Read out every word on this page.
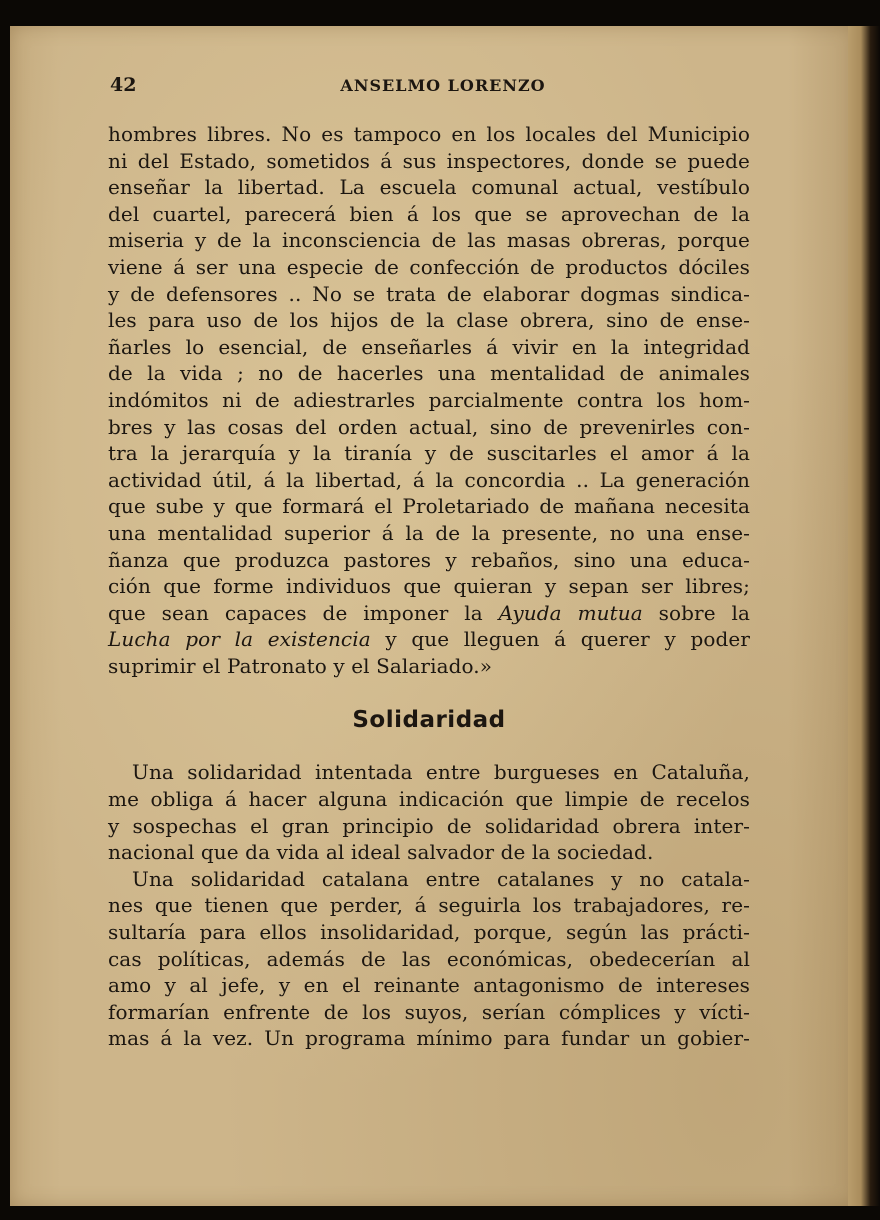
42	ANSELMO LORENZO
hombres libres. No es tampoco en los locales del Municipio
ni del Estado, sometidos á sus inspectores, donde se puede
enseñar la libertad. La escuela comunal actual, vestíbulo
del cuartel, parecerá bien á los que se aprovechan de la
miseria y de la inconsciencia de las masas obreras, porque
viene á ser una especie de confección de productos dóciles
y de defensores .. No se trata de elaborar dogmas sindica-
les para uso de los hijos de la clase obrera, sino de ense-
ñarles lo esencial, de enseñarles á vivir en la integridad
de la vida ; no de hacerles una mentalidad de animales
indómitos ni de adiestrarles parcialmente contra los hom-
bres y las cosas del orden actual, sino de prevenirles con-
tra la jerarquía y la tiranía y de suscitarles el amor á la
actividad útil, á la libertad, á la concordia .. La generación
que sube y que formará el Proletariado de mañana necesita
una mentalidad superior á la de la presente, no una ense-
ñanza que produzca pastores y rebaños, sino una educa-
ción que forme individuos que quieran y sepan ser libres;
que sean capaces de imponer la Ayuda mutua sobre la
Lucha por la existencia y que lleguen á querer y poder
suprimir el Patronato y el Salariado.»
Solidaridad
Una solidaridad intentada entre burgueses en Cataluña,
me obliga á hacer alguna indicación que limpie de recelos
y sospechas el gran principio de solidaridad obrera inter-
nacional que da vida al ideal salvador de la sociedad.
Una solidaridad catalana entre catalanes y no catala-
nes que tienen que perder, á seguirla los trabajadores, re-
sultaría para ellos insolidaridad, porque, según las prácti-
cas políticas, además de las económicas, obedecerían al
amo y al jefe, y en el reinante antagonismo de intereses
formarían enfrente de los suyos, serían cómplices y vícti-
mas á la vez. Un programa mínimo para fundar un gobier-
